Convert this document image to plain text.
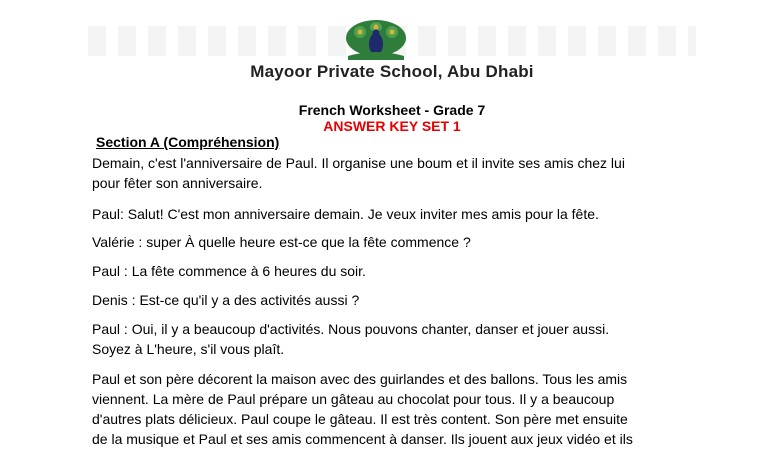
Mayoor Private School, Abu Dhabi
French Worksheet - Grade 7
ANSWER KEY SET 1
Section A (Compréhension)
Demain, c'est l'anniversaire de Paul. Il organise une boum et il invite ses amis chez lui
pour fêter son anniversaire.
Paul: Salut! C'est mon anniversaire demain. Je veux inviter mes amis pour la fête.
Valérie : super À quelle heure est-ce que la fête commence ?
Paul : La fête commence à 6 heures du soir.
Denis : Est-ce qu'il y a des activités aussi ?
Paul : Oui, il y a beaucoup d'activités. Nous pouvons chanter, danser et jouer aussi.
Soyez à L'heure, s'il vous plaît.
Paul et son père décorent la maison avec des guirlandes et des ballons. Tous les amis
viennent. La mère de Paul prépare un gâteau au chocolat pour tous. Il y a beaucoup
d'autres plats délicieux. Paul coupe le gâteau. Il est très content. Son père met ensuite
de la musique et Paul et ses amis commencent à danser. Ils jouent aux jeux vidéo et ils
